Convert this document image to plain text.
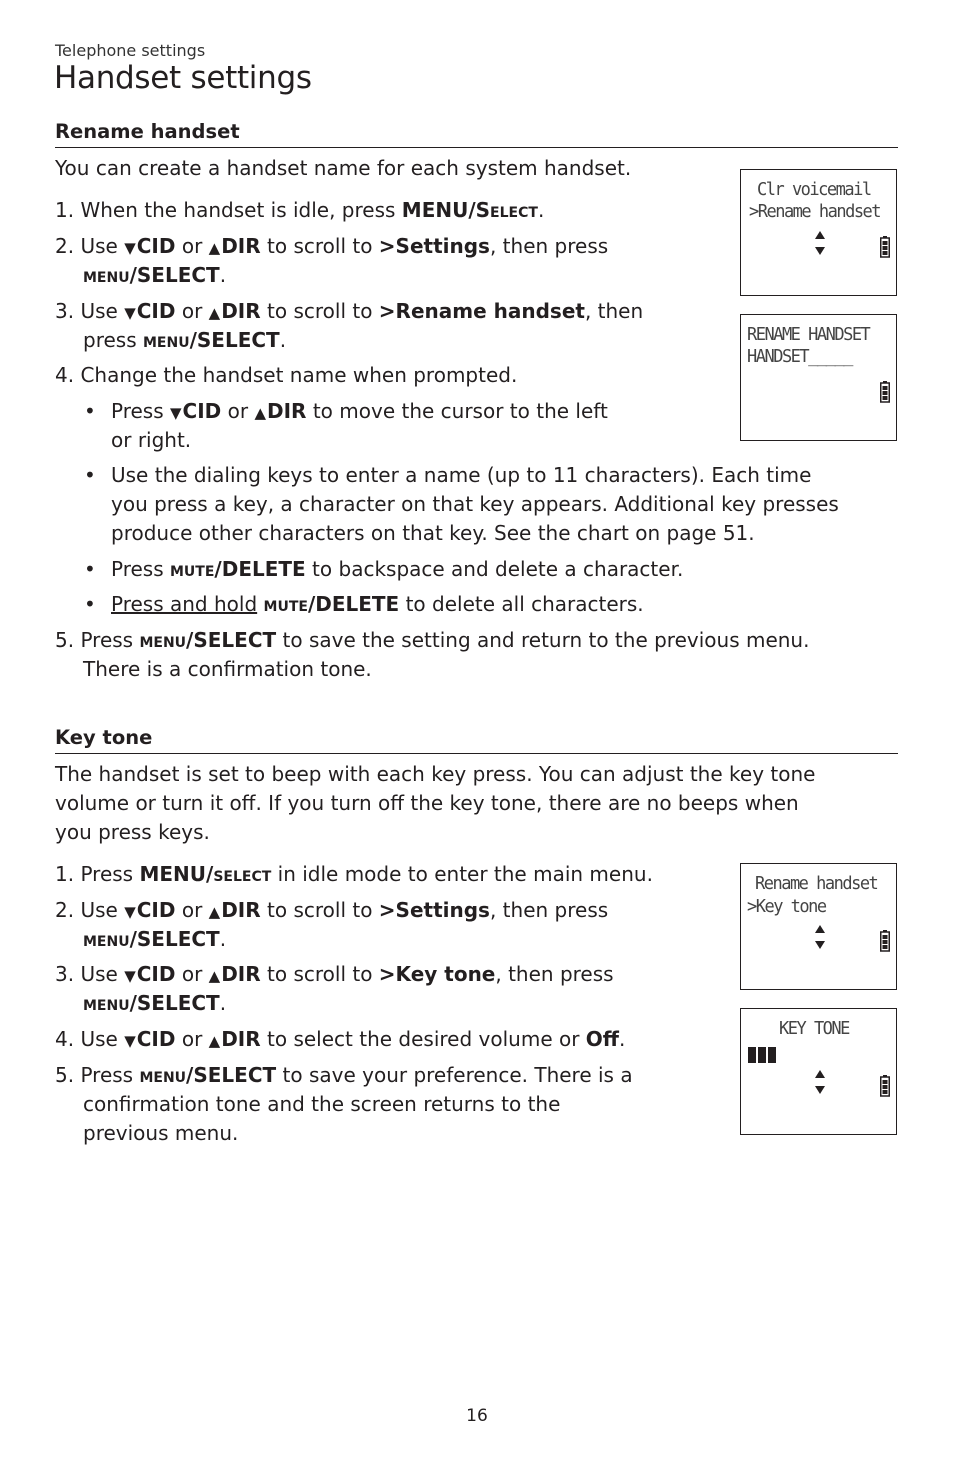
Telephone settings
Handset settings
Rename handset
You can create a handset name for each system handset.
1. When the handset is idle, press MENU/Select.
2. Use ▼CID or ▲DIR to scroll to >Settings, then press
menu/SELECT.
3. Use ▼CID or ▲DIR to scroll to >Rename handset, then
press menu/SELECT.
4. Change the handset name when prompted.
• Press ▼CID or ▲DIR to move the cursor to the left
or right.
• Use the dialing keys to enter a name (up to 11 characters). Each time
you press a key, a character on that key appears. Additional key presses
produce other characters on that key. See the chart on page 51.
• Press mute/DELETE to backspace and delete a character.
• Press and hold mute/DELETE to delete all characters.
5. Press menu/SELECT to save the setting and return to the previous menu.
There is a confirmation tone.
Clr voicemail
>Rename handset
RENAME HANDSET
HANDSET_____
Key tone
The handset is set to beep with each key press. You can adjust the key tone
volume or turn it off. If you turn off the key tone, there are no beeps when
you press keys.
1. Press MENU/select in idle mode to enter the main menu.
2. Use ▼CID or ▲DIR to scroll to >Settings, then press
menu/SELECT.
3. Use ▼CID or ▲DIR to scroll to >Key tone, then press
menu/SELECT.
4. Use ▼CID or ▲DIR to select the desired volume or Off.
5. Press menu/SELECT to save your preference. There is a
confirmation tone and the screen returns to the
previous menu.
Rename handset
>Key tone
KEY TONE
16
